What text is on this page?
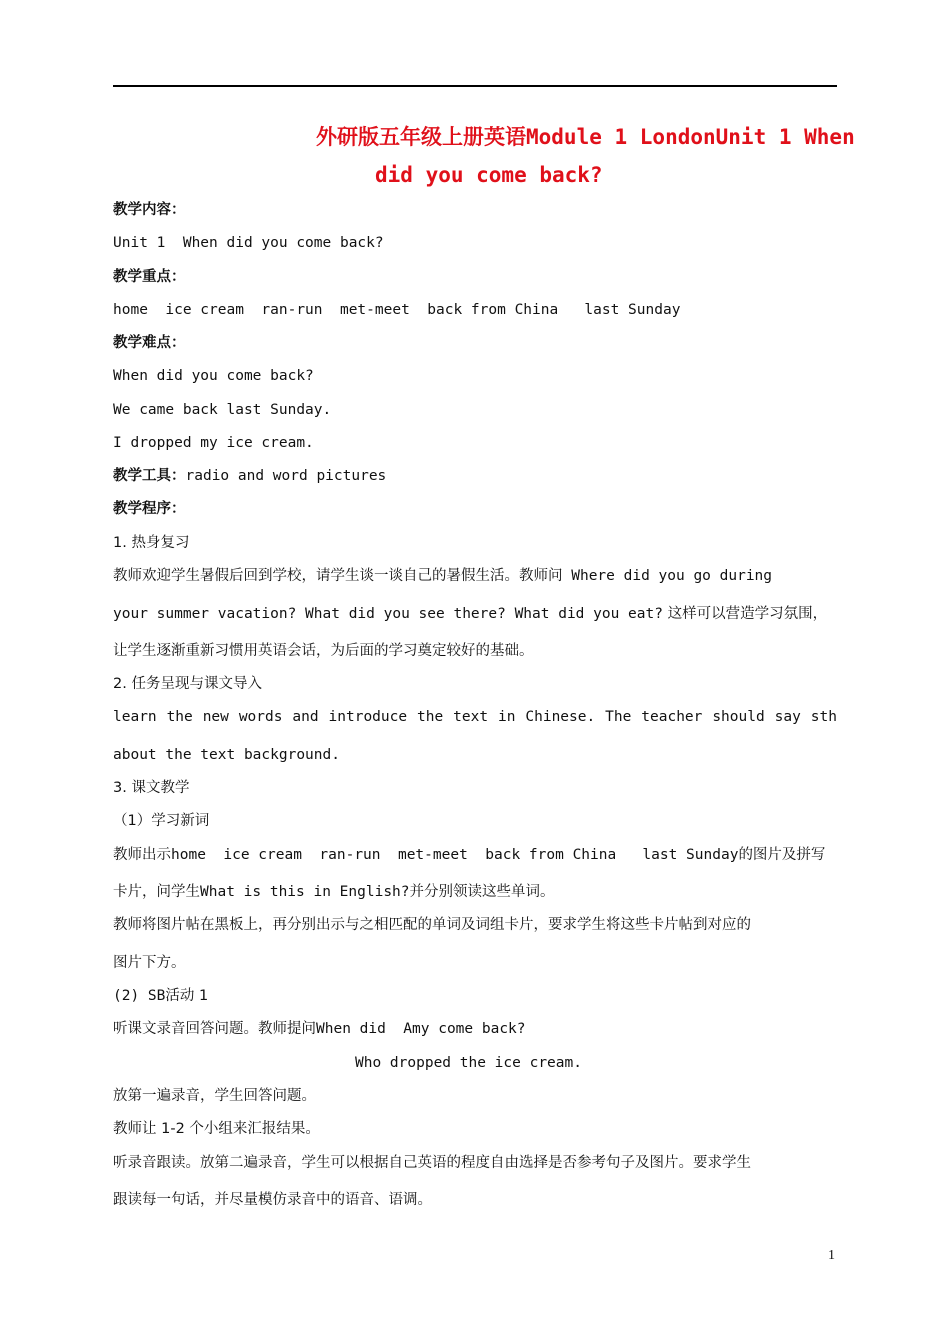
外研版五年级上册英语Module 1 LondonUnit 1 When
did you come back?
教学内容：
Unit 1  When did you come back?
教学重点：
home  ice cream  ran-run  met-meet  back from China   last Sunday
教学难点：
When did you come back?
We came back last Sunday.
I dropped my ice cream.
教学工具：radio and word pictures
教学程序：
1. 热身复习
教师欢迎学生暑假后回到学校，请学生谈一谈自己的暑假生活。教师问 Where did you go during
your summer vacation? What did you see there? What did you eat? 这样可以营造学习氛围，
让学生逐渐重新习惯用英语会话，为后面的学习奠定较好的基础。
2. 任务呈现与课文导入
learn the new words and introduce the text in Chinese. The teacher should say sth
about the text background.
3. 课文教学
（1）学习新词
教师出示home  ice cream  ran-run  met-meet  back from China   last Sunday的图片及拼写
卡片，问学生What is this in English?并分别领读这些单词。
教师将图片帖在黑板上，再分别出示与之相匹配的单词及词组卡片，要求学生将这些卡片帖到对应的
图片下方。
(2) SB活动 1
听课文录音回答问题。教师提问When did  Amy come back?
Who dropped the ice cream.
放第一遍录音，学生回答问题。
教师让 1-2 个小组来汇报结果。
听录音跟读。放第二遍录音，学生可以根据自己英语的程度自由选择是否参考句子及图片。要求学生
跟读每一句话，并尽量模仿录音中的语音、语调。
1
